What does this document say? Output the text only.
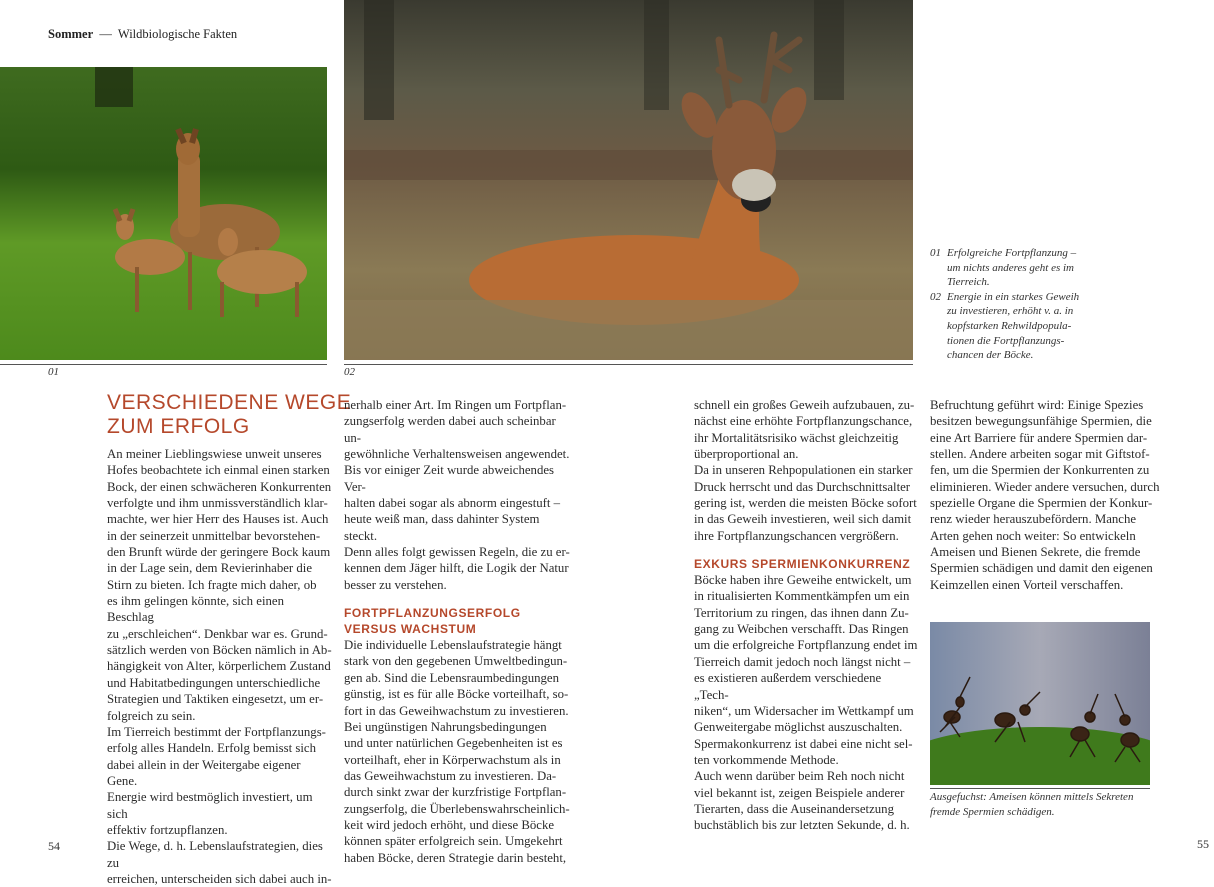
Sommer — Wildbiologische Fakten
01	02
01 Erfolgreiche Fortpflanzung –
um nichts anderes geht es im
Tierreich.
02 Energie in ein starkes Geweih
zu investieren, erhöht v. a. in
kopfstarken Rehwildpopula-
tionen die Fortpflanzungs-
chancen der Böcke.
VERSCHIEDENE WEGE
ZUM ERFOLG

An meiner Lieblingswiese unweit unseres
Hofes beobachtete ich einmal einen starken
Bock, der einen schwächeren Konkurrenten
verfolgte und ihm unmissverständlich klar-
machte, wer hier Herr des Hauses ist. Auch
in der seinerzeit unmittelbar bevorstehen-
den Brunft würde der geringere Bock kaum
in der Lage sein, dem Revierinhaber die
Stirn zu bieten. Ich fragte mich daher, ob
es ihm gelingen könnte, sich einen Beschlag
zu „erschleichen“. Denkbar war es. Grund-
sätzlich werden von Böcken nämlich in Ab-
hängigkeit von Alter, körperlichem Zustand
und Habitatbedingungen unterschiedliche
Strategien und Taktiken eingesetzt, um er-
folgreich zu sein.

Im Tierreich bestimmt der Fortpflanzungs-
erfolg alles Handeln. Erfolg bemisst sich
dabei allein in der Weitergabe eigener Gene.
Energie wird bestmöglich investiert, um sich
effektiv fortzupflanzen.

Die Wege, d. h. Lebenslaufstrategien, dies zu
erreichen, unterscheiden sich dabei auch in-

nerhalb einer Art. Im Ringen um Fortpflan-
zungserfolg werden dabei auch scheinbar un-
gewöhnliche Verhaltensweisen angewendet.
Bis vor einiger Zeit wurde abweichendes Ver-
halten dabei sogar als abnorm eingestuft –
heute weiß man, dass dahinter System steckt.
Denn alles folgt gewissen Regeln, die zu er-
kennen dem Jäger hilft, die Logik der Natur
besser zu verstehen.

FORTPFLANZUNGSERFOLG
VERSUS WACHSTUM

Die individuelle Lebenslaufstrategie hängt
stark von den gegebenen Umweltbedingun-
gen ab. Sind die Lebensraumbedingungen
günstig, ist es für alle Böcke vorteilhaft, so-
fort in das Geweihwachstum zu investieren.
Bei ungünstigen Nahrungsbedingungen
und unter natürlichen Gegebenheiten ist es
vorteilhaft, eher in Körperwachstum als in
das Geweihwachstum zu investieren. Da-
durch sinkt zwar der kurzfristige Fortpflan-
zungserfolg, die Überlebenswahrscheinlich-
keit wird jedoch erhöht, und diese Böcke
können später erfolgreich sein. Umgekehrt
haben Böcke, deren Strategie darin besteht,

schnell ein großes Geweih aufzubauen, zu-
nächst eine erhöhte Fortpflanzungschance,
ihr Mortalitätsrisiko wächst gleichzeitig
überproportional an.

Da in unseren Rehpopulationen ein starker
Druck herrscht und das Durchschnittsalter
gering ist, werden die meisten Böcke sofort
in das Geweih investieren, weil sich damit
ihre Fortpflanzungschancen vergrößern.

EXKURS SPERMIENKONKURRENZ

Böcke haben ihre Geweihe entwickelt, um
in ritualisierten Kommentkämpfen um ein
Territorium zu ringen, das ihnen dann Zu-
gang zu Weibchen verschafft. Das Ringen
um die erfolgreiche Fortpflanzung endet im
Tierreich damit jedoch noch längst nicht –
es existieren außerdem verschiedene „Tech-
niken“, um Widersacher im Wettkampf um
Genweitergabe möglichst auszuschalten.
Spermakonkurrenz ist dabei eine nicht sel-
ten vorkommende Methode.

Auch wenn darüber beim Reh noch nicht
viel bekannt ist, zeigen Beispiele anderer
Tierarten, dass die Auseinandersetzung
buchstäblich bis zur letzten Sekunde, d. h.

Befruchtung geführt wird: Einige Spezies
besitzen bewegungsunfähige Spermien, die
eine Art Barriere für andere Spermien dar-
stellen. Andere arbeiten sogar mit Giftstof-
fen, um die Spermien der Konkurrenten zu
eliminieren. Wieder andere versuchen, durch
spezielle Organe die Spermien der Konkur-
renz wieder herauszubefördern. Manche
Arten gehen noch weiter: So entwickeln
Ameisen und Bienen Sekrete, die fremde
Spermien schädigen und damit den eigenen
Keimzellen einen Vorteil verschaffen.

Ausgefuchst: Ameisen können mittels Sekreten
fremde Spermien schädigen.
54	55
